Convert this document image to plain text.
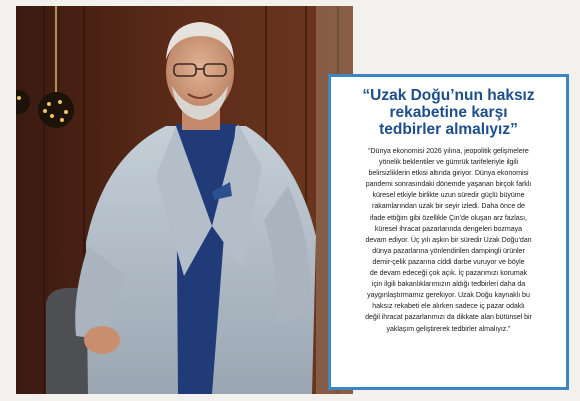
“Uzak Doğu’nun haksız
rekabetine karşı
tedbirler almalıyız”
“Dünya ekonomisi 2026 yılına, jeopolitik gelişmelere
yönelik beklentiler ve gümrük tarifeleriyle ilgili
belirsizliklerin etkisi altında giriyor. Dünya ekonomisi
pandemi sonrasındaki dönemde yaşanan birçok farklı
küresel etkiyle birlikte uzun süredir güçlü büyüme
rakamlarından uzak bir seyir izledi. Daha önce de
ifade ettiğim gibi özellikle Çin’de oluşan arz fazlası,
küresel ihracat pazarlarında dengeleri bozmaya
devam ediyor. Üç yılı aşkın bir süredir Uzak Doğu’dan
dünya pazarlarına yönlendirilen dampingli ürünler
demir-çelik pazarına ciddi darbe vuruyor ve böyle
de devam edeceği çok açık. İç pazarımızı korumak
için ilgili bakanlıklarımızın aldığı tedbirleri daha da
yaygınlaştırmamız gerekiyor. Uzak Doğu kaynaklı bu
haksız rekabeti ele alırken sadece iç pazar odaklı
değil ihracat pazarlarımızı da dikkate alan bütünsel bir
yaklaşım geliştirerek tedbirler almalıyız.”
